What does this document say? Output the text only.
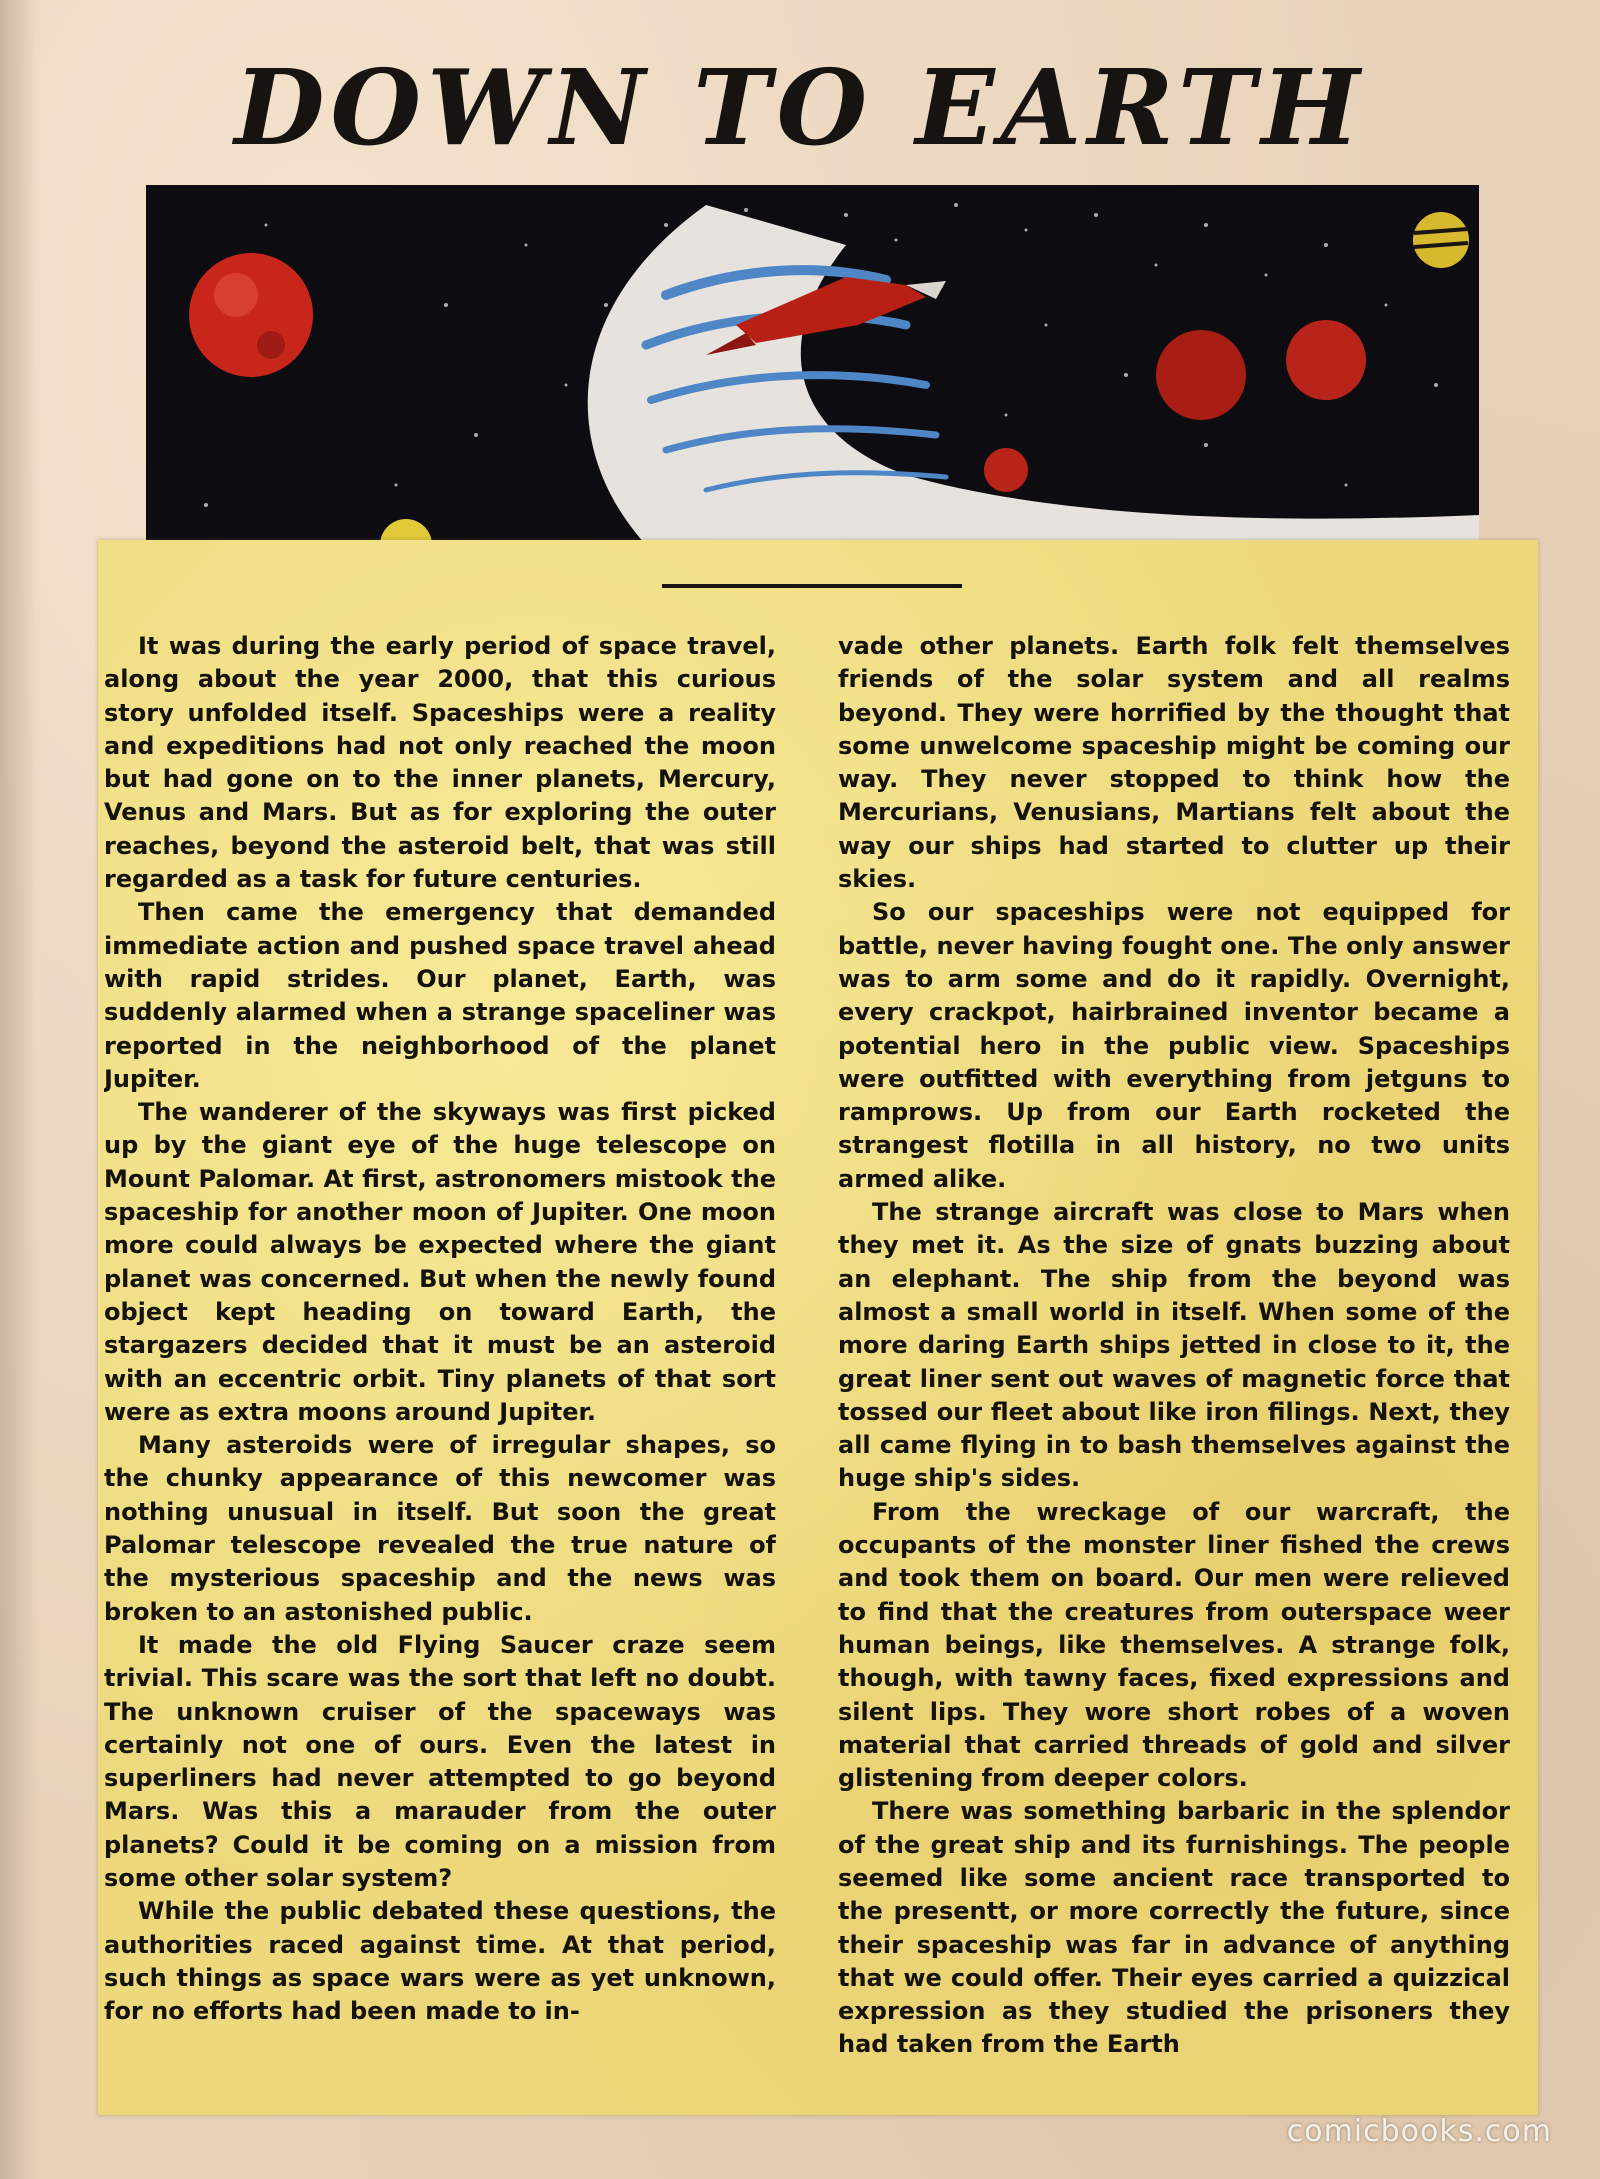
DOWN TO EARTH

It was during the early period of space travel, along about the year 2000, that this curious story unfolded itself. Spaceships were a reality and expeditions had not only reached the moon but had gone on to the inner planets, Mercury, Venus and Mars. But as for exploring the outer reaches, beyond the asteroid belt, that was still regarded as a task for future centuries.

Then came the emergency that demanded immediate action and pushed space travel ahead with rapid strides. Our planet, Earth, was suddenly alarmed when a strange spaceliner was reported in the neighborhood of the planet Jupiter.

The wanderer of the skyways was first picked up by the giant eye of the huge telescope on Mount Palomar. At first, astronomers mistook the spaceship for another moon of Jupiter. One moon more could always be expected where the giant planet was concerned. But when the newly found object kept heading on toward Earth, the stargazers decided that it must be an asteroid with an eccentric orbit. Tiny planets of that sort were as extra moons around Jupiter.

Many asteroids were of irregular shapes, so the chunky appearance of this newcomer was nothing unusual in itself. But soon the great Palomar telescope revealed the true nature of the mysterious spaceship and the news was broken to an astonished public.

It made the old Flying Saucer craze seem trivial. This scare was the sort that left no doubt. The unknown cruiser of the spaceways was certainly not one of ours. Even the latest in superliners had never attempted to go beyond Mars. Was this a marauder from the outer planets? Could it be coming on a mission from some other solar system?

While the public debated these questions, the authorities raced against time. At that period, such things as space wars were as yet unknown, for no efforts had been made to in-

vade other planets. Earth folk felt themselves friends of the solar system and all realms beyond. They were horrified by the thought that some unwelcome spaceship might be coming our way. They never stopped to think how the Mercurians, Venusians, Martians felt about the way our ships had started to clutter up their skies.

So our spaceships were not equipped for battle, never having fought one. The only answer was to arm some and do it rapidly. Overnight, every crackpot, hairbrained inventor became a potential hero in the public view. Spaceships were outfitted with everything from jetguns to ramprows. Up from our Earth rocketed the strangest flotilla in all history, no two units armed alike.

The strange aircraft was close to Mars when they met it. As the size of gnats buzzing about an elephant. The ship from the beyond was almost a small world in itself. When some of the more daring Earth ships jetted in close to it, the great liner sent out waves of magnetic force that tossed our fleet about like iron filings. Next, they all came flying in to bash themselves against the huge ship's sides.

From the wreckage of our warcraft, the occupants of the monster liner fished the crews and took them on board. Our men were relieved to find that the creatures from outerspace weer human beings, like themselves. A strange folk, though, with tawny faces, fixed expressions and silent lips. They wore short robes of a woven material that carried threads of gold and silver glistening from deeper colors.

There was something barbaric in the splendor of the great ship and its furnishings. The people seemed like some ancient race transported to the presentt, or more correctly the future, since their spaceship was far in advance of anything that we could offer. Their eyes carried a quizzical expression as they studied the prisoners they had taken from the Earth

comicbooks.com
